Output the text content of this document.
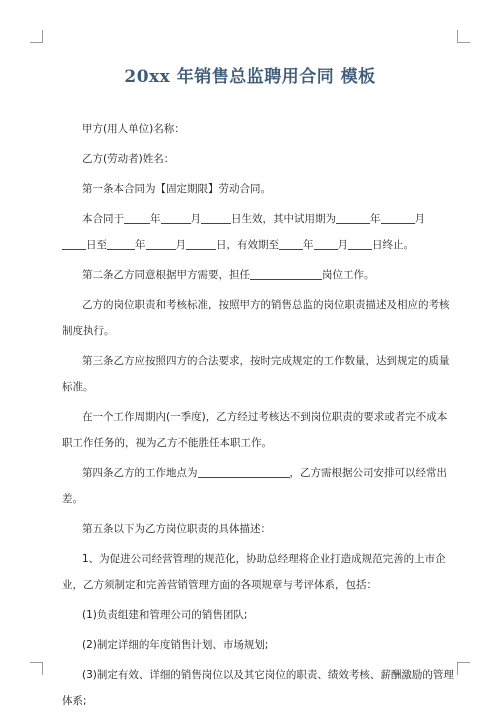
20xx 年销售总监聘用合同 模板
甲方(用人单位)名称：
乙方(劳动者)姓名：
第一条本合同为【固定期限】劳动合同。
本合同于 年	月	日生效，其中试用期为	年	月
日至	年	月	日，有效期至 年 月 日终止。
第二条乙方同意根据甲方需要，担任	岗位工作。
乙方的岗位职责和考核标准，按照甲方的销售总监的岗位职责描述及相应的考核
制度执行。
第三条乙方应按照四方的合法要求，按时完成规定的工作数量，达到规定的质量
标准。
在一个工作周期内(一季度)，乙方经过考核达不到岗位职责的要求或者完不成本
职工作任务的，视为乙方不能胜任本职工作。
第四条乙方的工作地点为	，乙方需根据公司安排可以经常出
差。
第五条以下为乙方岗位职责的具体描述：
1、为促进公司经营管理的规范化，协助总经理将企业打造成规范完善的上市企
业，乙方须制定和完善营销管理方面的各项规章与考评体系，包括：
(1)负责组建和管理公司的销售团队;
(2)制定详细的年度销售计划、市场规划;
(3)制定有效、详细的销售岗位以及其它岗位的职责、绩效考核、薪酬激励的管理
体系;
